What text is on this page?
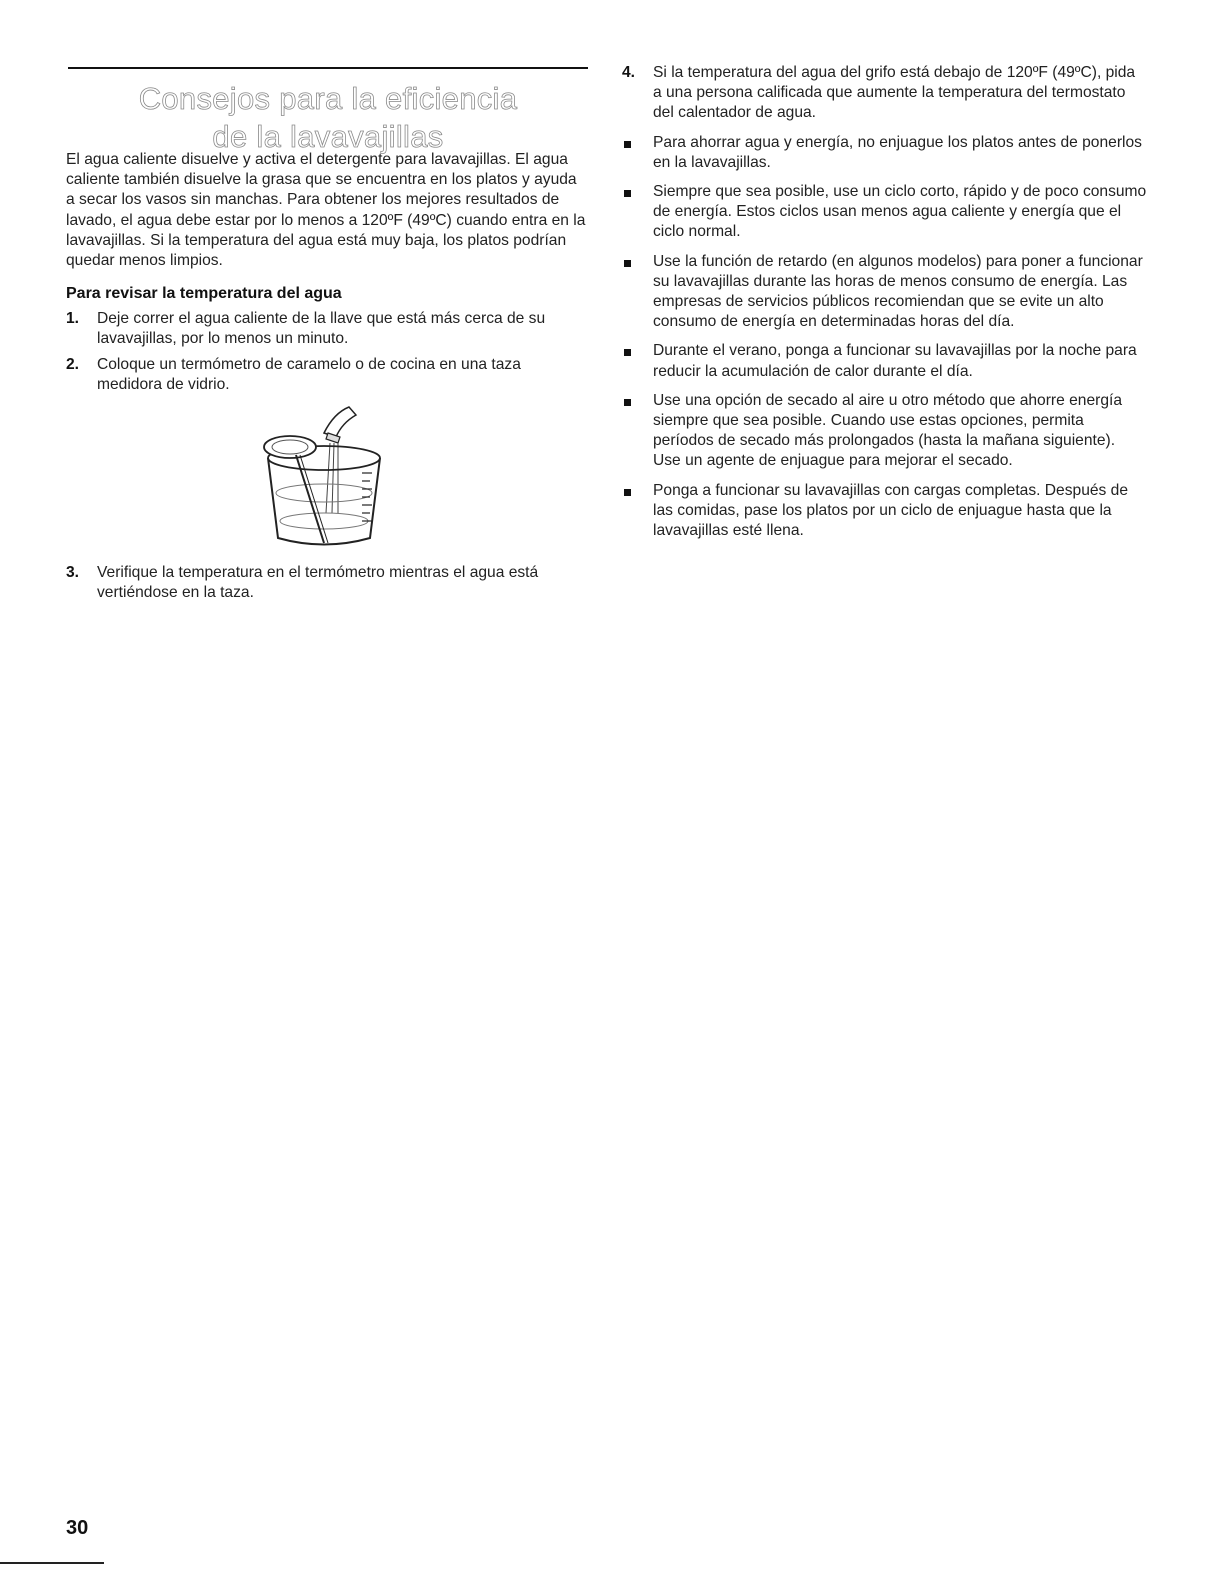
Consejos para la eficiencia
de la lavavajillas

El agua caliente disuelve y activa el detergente para lavavajillas. El agua caliente también disuelve la grasa que se encuentra en los platos y ayuda a secar los vasos sin manchas. Para obtener los mejores resultados de lavado, el agua debe estar por lo menos a 120ºF (49ºC) cuando entra en la lavavajillas. Si la temperatura del agua está muy baja, los platos podrían quedar menos limpios.

Para revisar la temperatura del agua
1. Deje correr el agua caliente de la llave que está más cerca de su lavavajillas, por lo menos un minuto.
2. Coloque un termómetro de caramelo o de cocina en una taza medidora de vidrio.
3. Verifique la temperatura en el termómetro mientras el agua está vertiéndose en la taza.
4. Si la temperatura del agua del grifo está debajo de 120ºF (49ºC), pida a una persona calificada que aumente la temperatura del termostato del calentador de agua.
Para ahorrar agua y energía, no enjuague los platos antes de ponerlos en la lavavajillas.
Siempre que sea posible, use un ciclo corto, rápido y de poco consumo de energía. Estos ciclos usan menos agua caliente y energía que el ciclo normal.
Use la función de retardo (en algunos modelos) para poner a funcionar su lavavajillas durante las horas de menos consumo de energía. Las empresas de servicios públicos recomiendan que se evite un alto consumo de energía en determinadas horas del día.
Durante el verano, ponga a funcionar su lavavajillas por la noche para reducir la acumulación de calor durante el día.
Use una opción de secado al aire u otro método que ahorre energía siempre que sea posible. Cuando use estas opciones, permita períodos de secado más prolongados (hasta la mañana siguiente). Use un agente de enjuague para mejorar el secado.
Ponga a funcionar su lavavajillas con cargas completas. Después de las comidas, pase los platos por un ciclo de enjuague hasta que la lavavajillas esté llena.
30
